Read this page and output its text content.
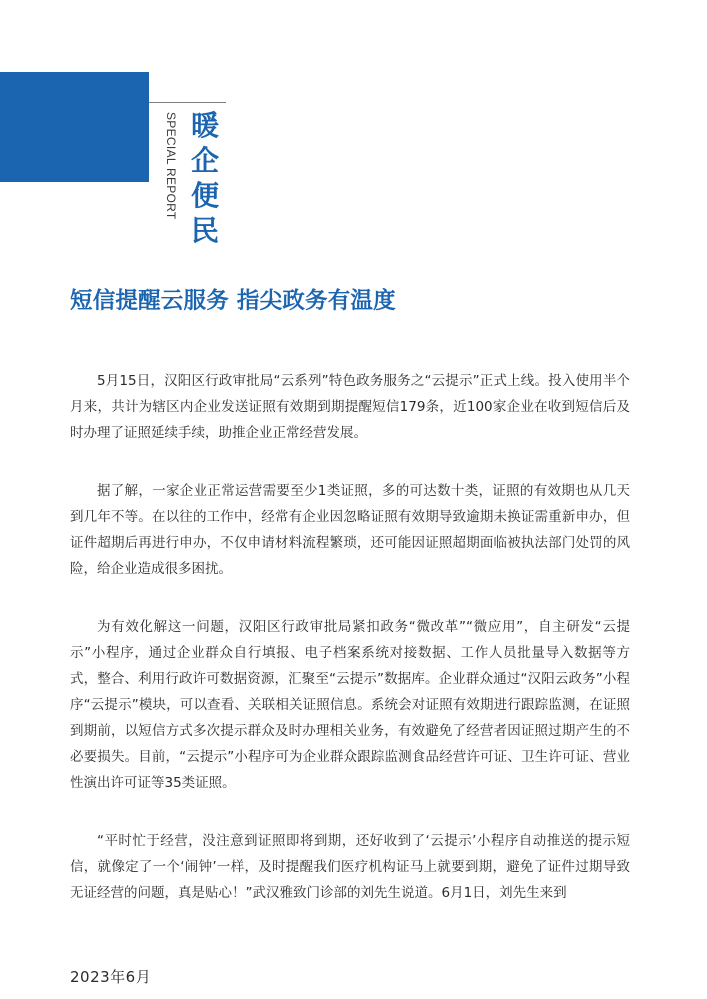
SPECIAL REPORT 暖企便民
短信提醒云服务 指尖政务有温度

5月15日，汉阳区行政审批局“云系列”特色政务服务之“云提示”正式上线。投入使用半个月来，共计为辖区内企业发送证照有效期到期提醒短信179条，近100家企业在收到短信后及时办理了证照延续手续，助推企业正常经营发展。

据了解，一家企业正常运营需要至少1类证照，多的可达数十类，证照的有效期也从几天到几年不等。在以往的工作中，经常有企业因忽略证照有效期导致逾期未换证需重新申办，但证件超期后再进行申办，不仅申请材料流程繁琐，还可能因证照超期面临被执法部门处罚的风险，给企业造成很多困扰。

为有效化解这一问题，汉阳区行政审批局紧扣政务“微改革”“微应用”，自主研发“云提示”小程序，通过企业群众自行填报、电子档案系统对接数据、工作人员批量导入数据等方式，整合、利用行政许可数据资源，汇聚至“云提示”数据库。企业群众通过“汉阳云政务”小程序“云提示”模块，可以查看、关联相关证照信息。系统会对证照有效期进行跟踪监测，在证照到期前，以短信方式多次提示群众及时办理相关业务，有效避免了经营者因证照过期产生的不必要损失。目前，“云提示”小程序可为企业群众跟踪监测食品经营许可证、卫生许可证、营业性演出许可证等35类证照。

“平时忙于经营，没注意到证照即将到期，还好收到了‘云提示’小程序自动推送的提示短信，就像定了一个‘闹钟’一样，及时提醒我们医疗机构证马上就要到期，避免了证件过期导致无证经营的问题，真是贴心！”武汉雅致门诊部的刘先生说道。6月1日，刘先生来到

2023年6月
